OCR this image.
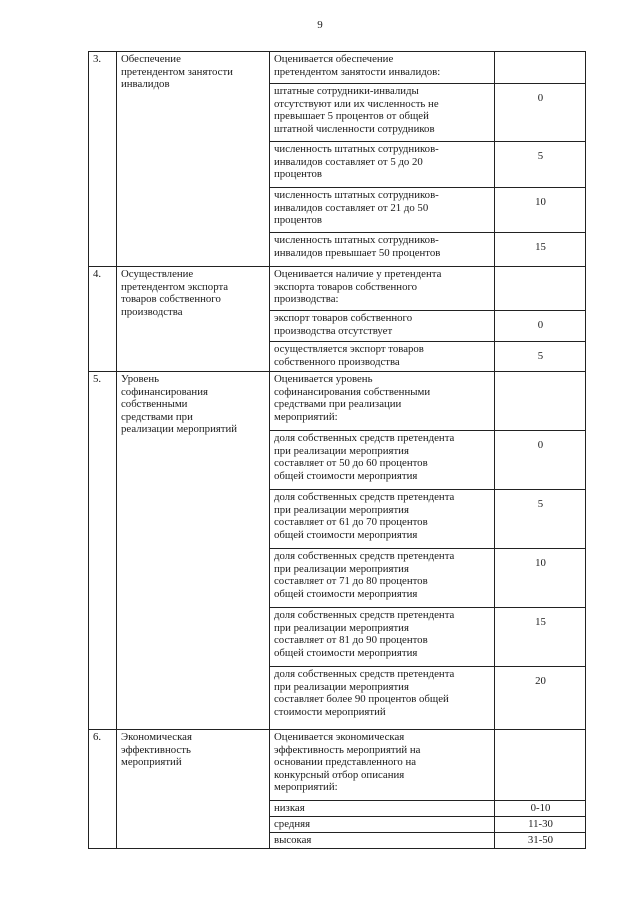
9
3.	Обеспечение
претендентом занятости
инвалидов	Оценивается обеспечение
претендентом занятости инвалидов:	
		штатные сотрудники-инвалиды
отсутствуют или их численность не
превышает 5 процентов от общей
штатной численности сотрудников	0
		численность штатных сотрудников-
инвалидов составляет от 5 до 20
процентов	5
		численность штатных сотрудников-
инвалидов составляет от 21 до 50
процентов	10
		численность штатных сотрудников-
инвалидов превышает 50 процентов	15
4.	Осуществление
претендентом экспорта
товаров собственного
производства	Оценивается наличие у претендента
экспорта товаров собственного
производства:	
		экспорт товаров собственного
производства отсутствует	0
		осуществляется экспорт товаров
собственного производства	5
5.	Уровень
софинансирования
собственными
средствами при
реализации мероприятий	Оценивается уровень
софинансирования собственными
средствами при реализации
мероприятий:	
		доля собственных средств претендента
при реализации мероприятия
составляет от 50 до 60 процентов
общей стоимости мероприятия	0
		доля собственных средств претендента
при реализации мероприятия
составляет от 61 до 70 процентов
общей стоимости мероприятия	5
		доля собственных средств претендента
при реализации мероприятия
составляет от 71 до 80 процентов
общей стоимости мероприятия	10
		доля собственных средств претендента
при реализации мероприятия
составляет от 81 до 90 процентов
общей стоимости мероприятия	15
		доля собственных средств претендента
при реализации мероприятия
составляет более 90 процентов общей
стоимости мероприятий	20
6.	Экономическая
эффективность
мероприятий	Оценивается экономическая
эффективность мероприятий на
основании представленного на
конкурсный отбор описания
мероприятий:	
		низкая	0-10
		средняя	11-30
		высокая	31-50
